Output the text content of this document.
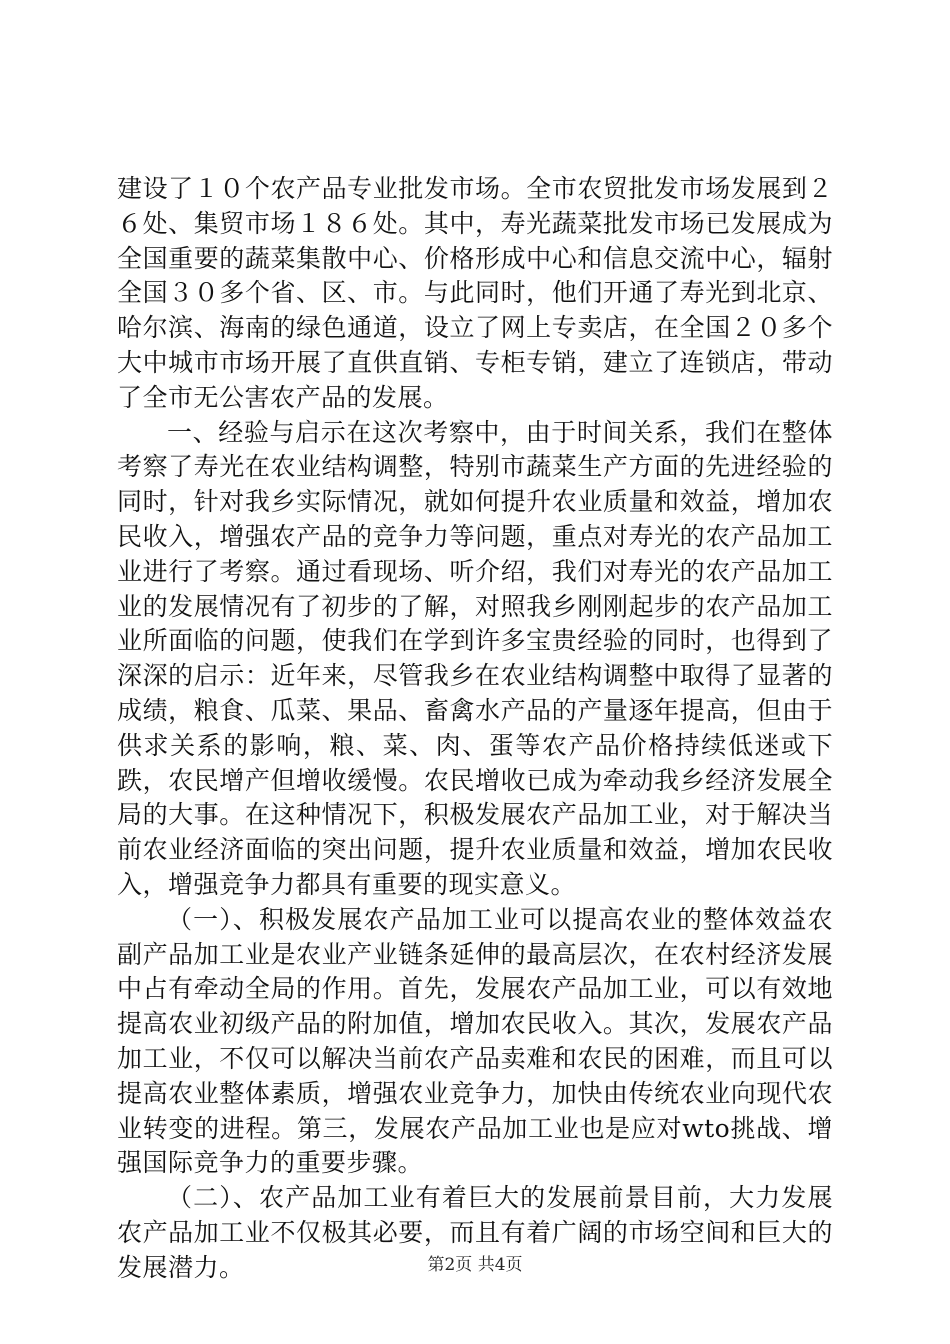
建设了１０个农产品专业批发市场。全市农贸批发市场发展到２６处、集贸市场１８６处。其中，寿光蔬菜批发市场已发展成为全国重要的蔬菜集散中心、价格形成中心和信息交流中心，辐射全国３０多个省、区、市。与此同时，他们开通了寿光到北京、哈尔滨、海南的绿色通道，设立了网上专卖店，在全国２０多个大中城市市场开展了直供直销、专柜专销，建立了连锁店，带动了全市无公害农产品的发展。

一、经验与启示在这次考察中，由于时间关系，我们在整体考察了寿光在农业结构调整，特别市蔬菜生产方面的先进经验的同时，针对我乡实际情况，就如何提升农业质量和效益，增加农民收入，增强农产品的竞争力等问题，重点对寿光的农产品加工业进行了考察。通过看现场、听介绍，我们对寿光的农产品加工业的发展情况有了初步的了解，对照我乡刚刚起步的农产品加工业所面临的问题，使我们在学到许多宝贵经验的同时，也得到了深深的启示：近年来，尽管我乡在农业结构调整中取得了显著的成绩，粮食、瓜菜、果品、畜禽水产品的产量逐年提高，但由于供求关系的影响，粮、菜、肉、蛋等农产品价格持续低迷或下跌，农民增产但增收缓慢。农民增收已成为牵动我乡经济发展全局的大事。在这种情况下，积极发展农产品加工业，对于解决当前农业经济面临的突出问题，提升农业质量和效益，增加农民收入，增强竞争力都具有重要的现实意义。

（一）、积极发展农产品加工业可以提高农业的整体效益农副产品加工业是农业产业链条延伸的最高层次，在农村经济发展中占有牵动全局的作用。首先，发展农产品加工业，可以有效地提高农业初级产品的附加值，增加农民收入。其次，发展农产品加工业，不仅可以解决当前农产品卖难和农民的困难，而且可以提高农业整体素质，增强农业竞争力，加快由传统农业向现代农业转变的进程。第三，发展农产品加工业也是应对wto挑战、增强国际竞争力的重要步骤。

（二）、农产品加工业有着巨大的发展前景目前，大力发展农产品加工业不仅极其必要，而且有着广阔的市场空间和巨大的发展潜力。	第2页 共4页
